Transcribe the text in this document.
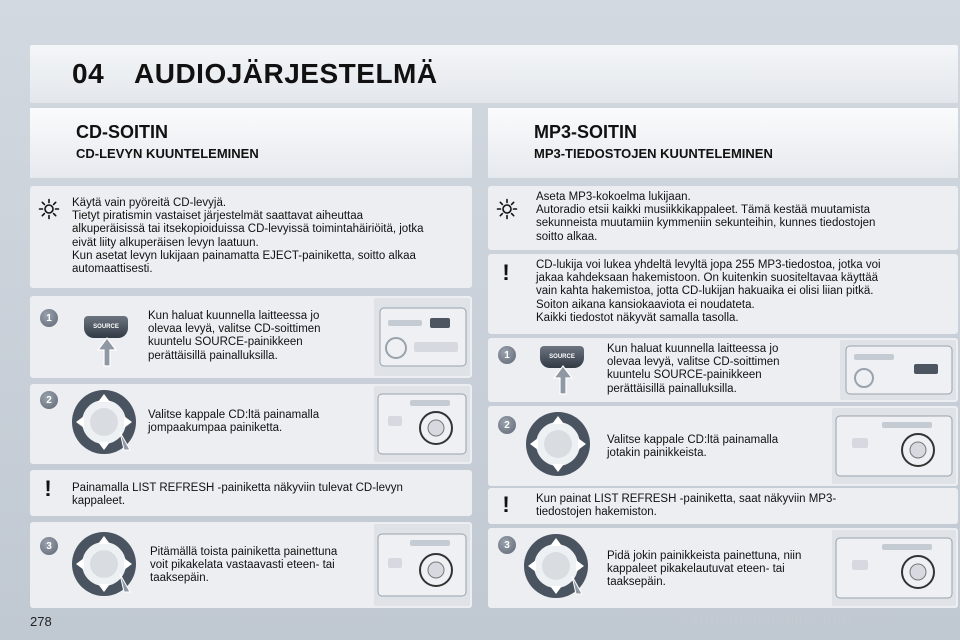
04 AUDIOJÄRJESTELMÄ
CD-SOITIN
CD-LEVYN KUUNTELEMINEN
MP3-SOITIN
MP3-TIEDOSTOJEN KUUNTELEMINEN
Käytä vain pyöreitä CD-levyjä.
Tietyt piratismin vastaiset järjestelmät saattavat aiheuttaa
alkuperäisissä tai itsekopioiduissa CD-levyissä toimintahäiriöitä, jotka
eivät liity alkuperäisen levyn laatuun.
Kun asetat levyn lukijaan painamatta EJECT-painiketta, soitto alkaa
automaattisesti.
1
SOURCE
Kun haluat kuunnella laitteessa jo
olevaa levyä, valitse CD-soittimen
kuuntelu SOURCE-painikkeen
perättäisillä painalluksilla.
2
Valitse kappale CD:ltä painamalla
jompaakumpaa painiketta.
! Painamalla LIST REFRESH -painiketta näkyviin tulevat CD-levyn
kappaleet.
3	Pitämällä toista painiketta painettuna
voit pikakelata vastaavasti eteen- tai
taaksepäin.
Aseta MP3-kokoelma lukijaan.
Autoradio etsii kaikki musiikkikappaleet. Tämä kestää muutamista
sekunneista muutamiin kymmeniin sekunteihin, kunnes tiedostojen
soitto alkaa.
! CD-lukija voi lukea yhdeltä levyltä jopa 255 MP3-tiedostoa, jotka voi
jakaa kahdeksaan hakemistoon. On kuitenkin suositeltavaa käyttää
vain kahta hakemistoa, jotta CD-lukijan hakuaika ei olisi liian pitkä.
Soiton aikana kansiokaaviota ei noudateta.
Kaikki tiedostot näkyvät samalla tasolla.
1	SOURCE
Kun haluat kuunnella laitteessa jo
olevaa levyä, valitse CD-soittimen
kuuntelu SOURCE-painikkeen
perättäisillä painalluksilla.
2
Valitse kappale CD:ltä painamalla
jotakin painikkeista.
! Kun painat LIST REFRESH -painiketta, saat näkyviin MP3-
tiedostojen hakemiston.
3
Pidä jokin painikkeista painettuna, niin
kappaleet pikakelautuvat eteen- tai
taaksepäin.
278	carmanualsonline.info
